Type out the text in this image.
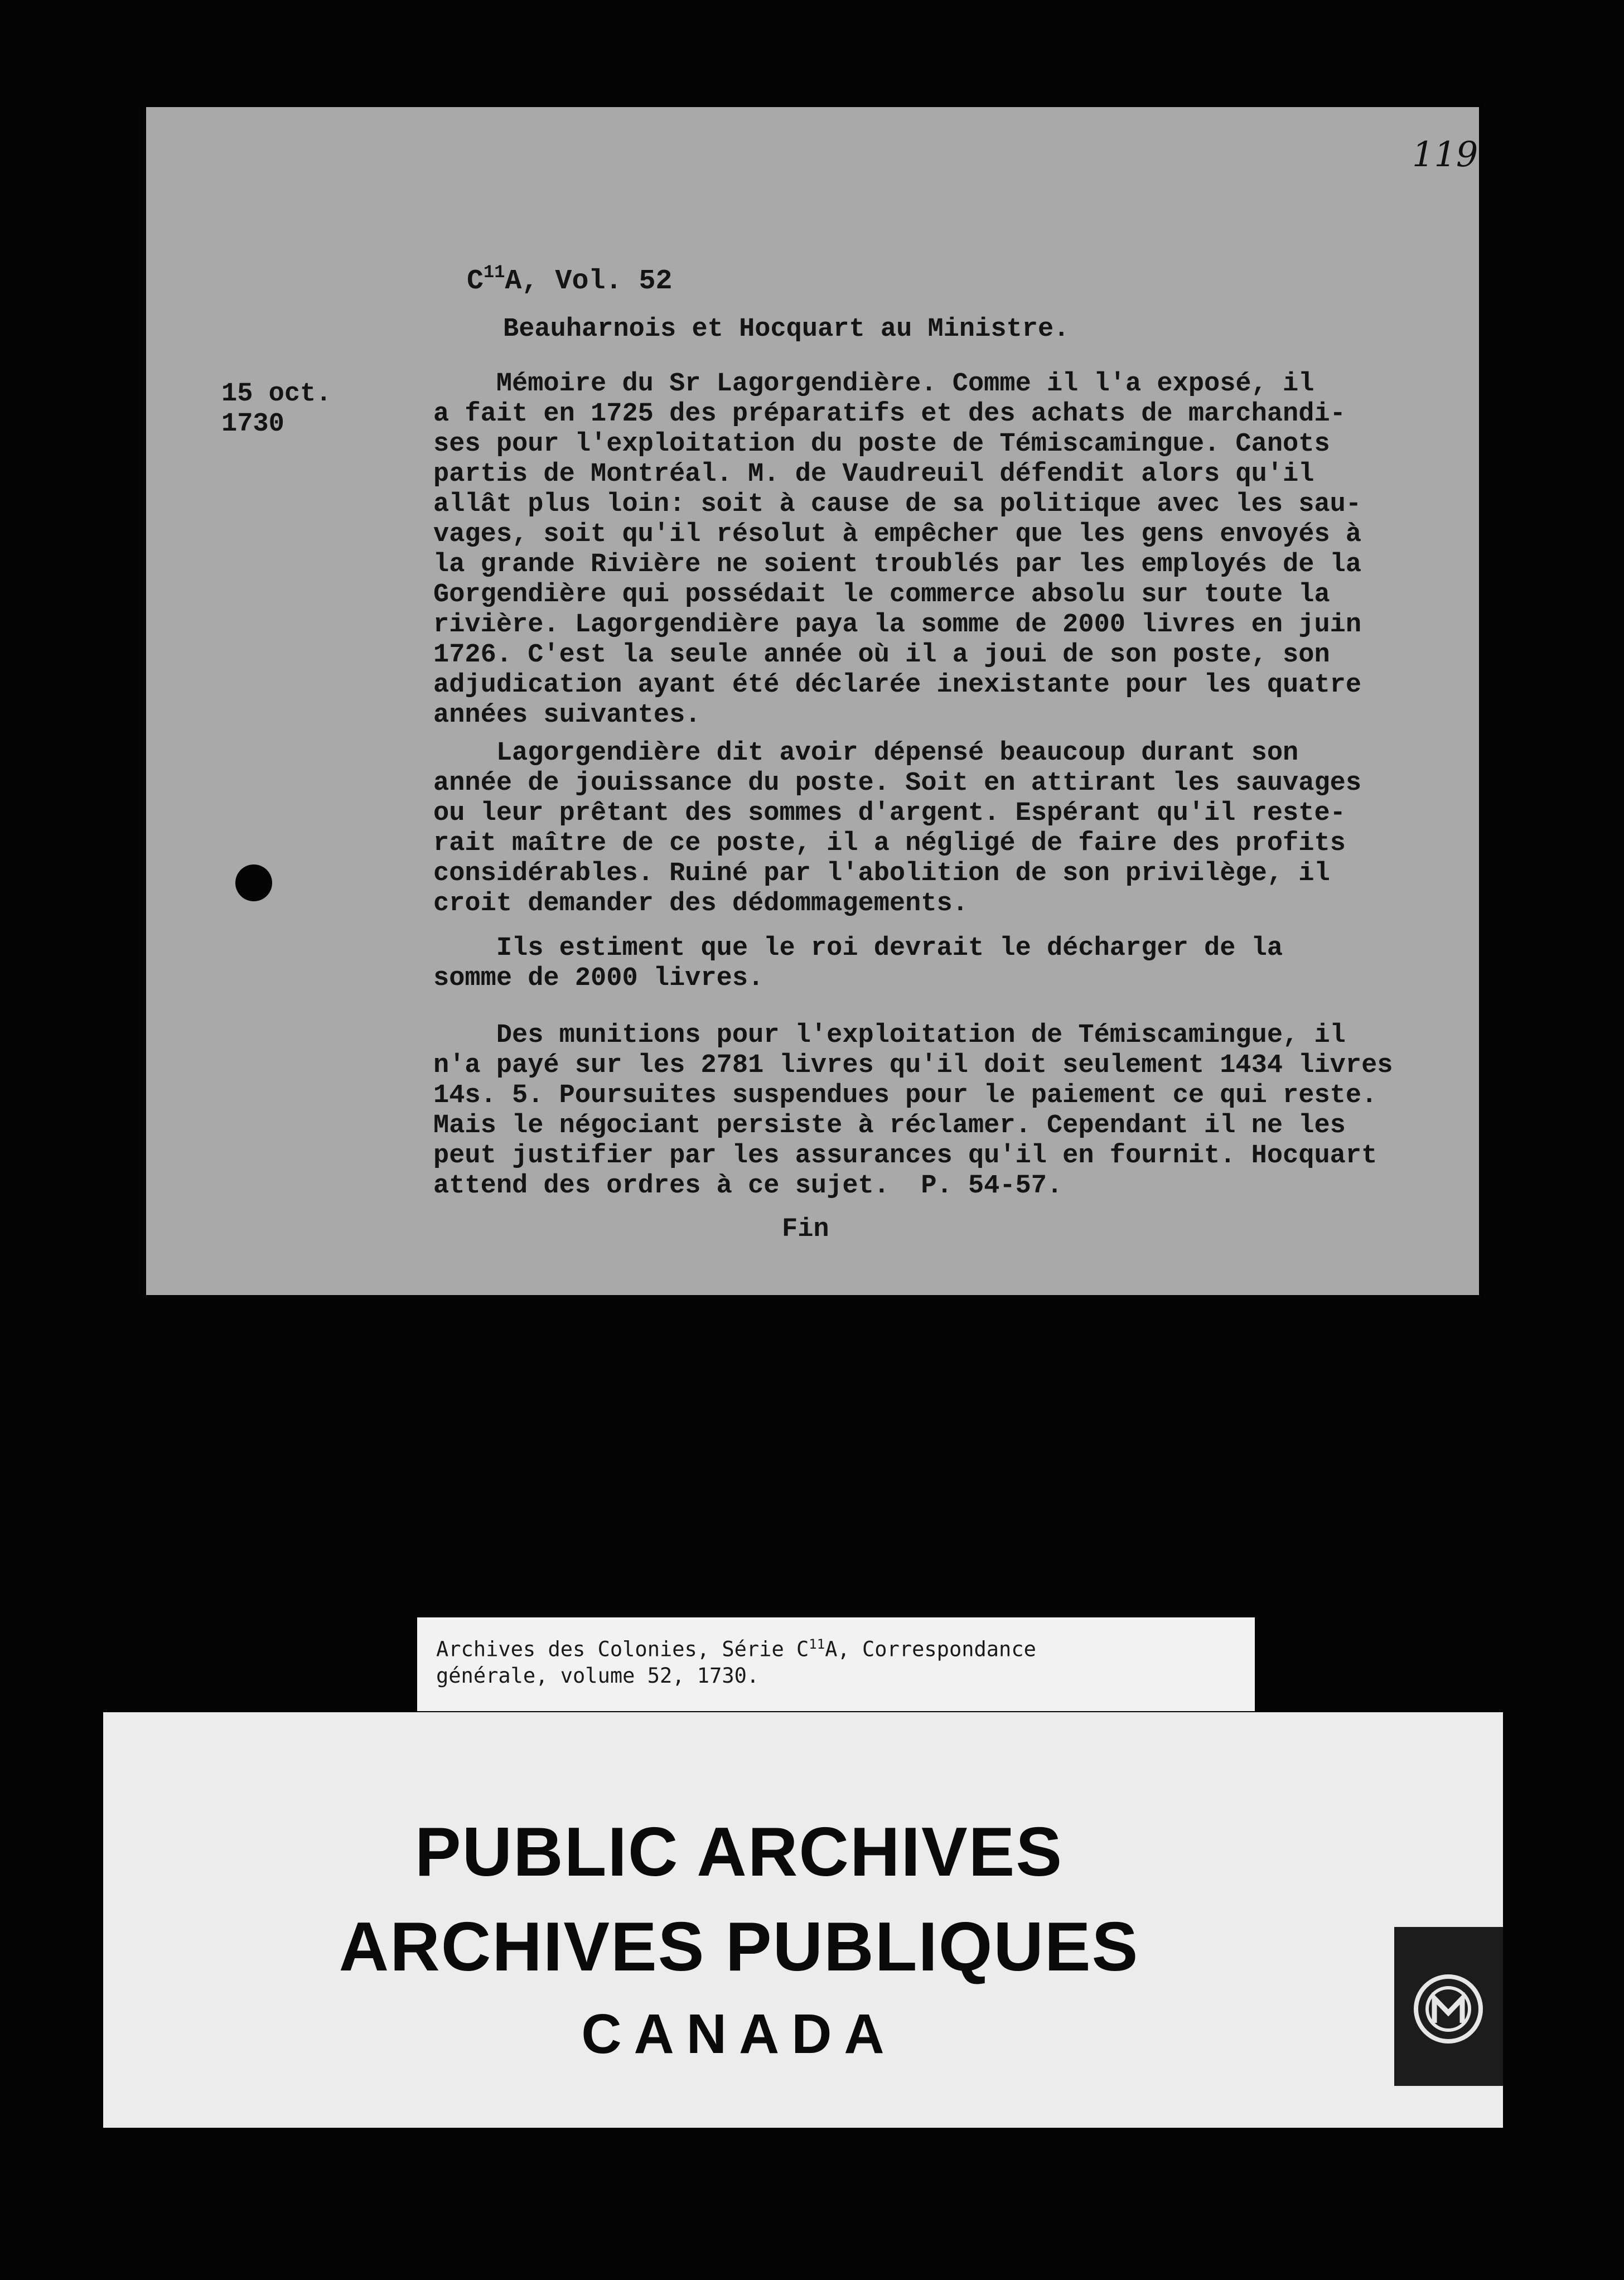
119
$C^{11}A$, Vol. 52
Beauharnois et Hocquart au Ministre.
15 oct.
1730
Mémoire du Sr Lagorgendière. Comme il l'a exposé, il
a fait en 1725 des préparatifs et des achats de marchandi-
ses pour l'exploitation du poste de Témiscamingue. Canots
partis de Montréal. M. de Vaudreuil défendit alors qu'il
allât plus loin: soit à cause de sa politique avec les sau-
vages, soit qu'il résolut à empêcher que les gens envoyés à
la grande Rivière ne soient troublés par les employés de la
Gorgendière qui possédait le commerce absolu sur toute la
rivière. Lagorgendière paya la somme de 2000 livres en juin
1726. C'est la seule année où il a joui de son poste, son
adjudication ayant été déclarée inexistante pour les quatre
années suivantes.
Lagorgendière dit avoir dépensé beaucoup durant son
année de jouissance du poste. Soit en attirant les sauvages
ou leur prêtant des sommes d'argent. Espérant qu'il reste-
rait maître de ce poste, il a négligé de faire des profits
considérables. Ruiné par l'abolition de son privilège, il
croit demander des dédommagements.
Ils estiment que le roi devrait le décharger de la
somme de 2000 livres.
Des munitions pour l'exploitation de Témiscamingue, il
n'a payé sur les 2781 livres qu'il doit seulement 1434 livres
14s. 5. Poursuites suspendues pour le paiement ce qui reste.
Mais le négociant persiste à réclamer. Cependant il ne les
peut justifier par les assurances qu'il en fournit. Hocquart
attend des ordres à ce sujet.  P. 54-57.
Fin
Archives des Colonies, Série $C^{11}A$, Correspondance
générale, volume 52, 1730.
PUBLIC ARCHIVES
ARCHIVES PUBLIQUES
CANADA
